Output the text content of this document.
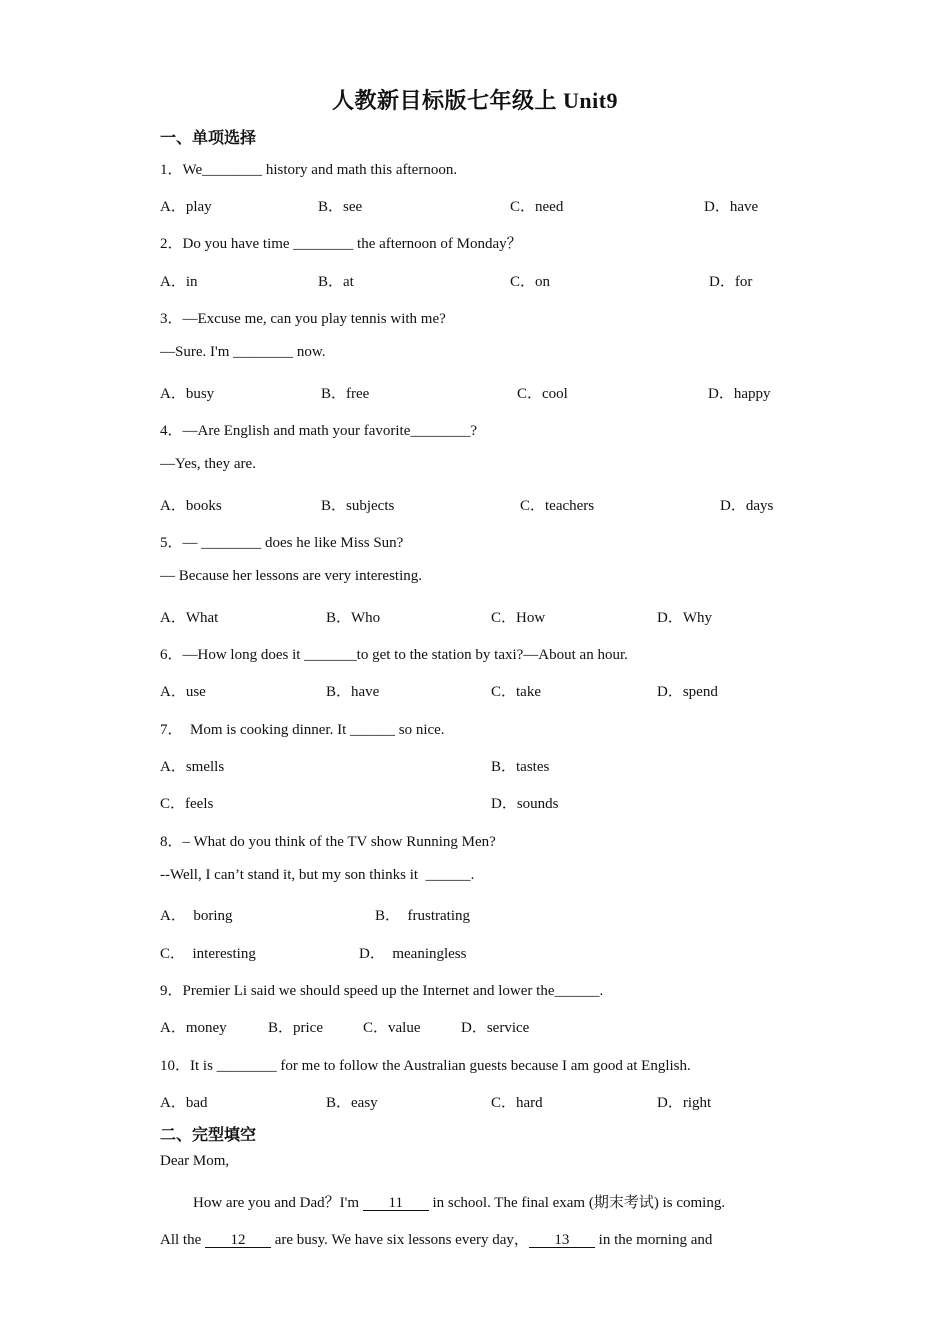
人教新目标版七年级上 Unit9
一、单项选择
1．We________ history and math this afternoon.
A．play	B．see	C．need	D．have
2．Do you have time ________ the afternoon of Monday？
A．in	B．at	C．on	D．for
3．—Excuse me, can you play tennis with me?
—Sure. I'm ________ now.
A．busy	B．free	C．cool	D．happy
4．—Are English and math your favorite________?
—Yes, they are.
A．books	B．subjects	C．teachers	D．days
5．— ________ does he like Miss Sun?
— Because her lessons are very interesting.
A．What	B．Who	C．How	D．Why
6．—How long does it _______to get to the station by taxi?—About an hour.
A．use	B．have	C．take	D．spend
7．  Mom is cooking dinner. It ______ so nice.
A．smells	B．tastes
C．feels	D．sounds
8．– What do you think of the TV show Running Men?
--Well, I can’t stand it, but my son thinks it  ______.
A．  boring	B．  frustrating
C．  interesting	D．  meaningless
9．Premier Li said we should speed up the Internet and lower the______.
A．money	B．price	C．value	D．service
10．It is ________ for me to follow the Australian guests because I am good at English.
A．bad	B．easy	C．hard	D．right
二、完型填空
Dear Mom,
How are you and Dad？I'm 11 in school. The final exam (期末考试) is coming.
All the 12 are busy. We have six lessons every day， 13 in the morning and
